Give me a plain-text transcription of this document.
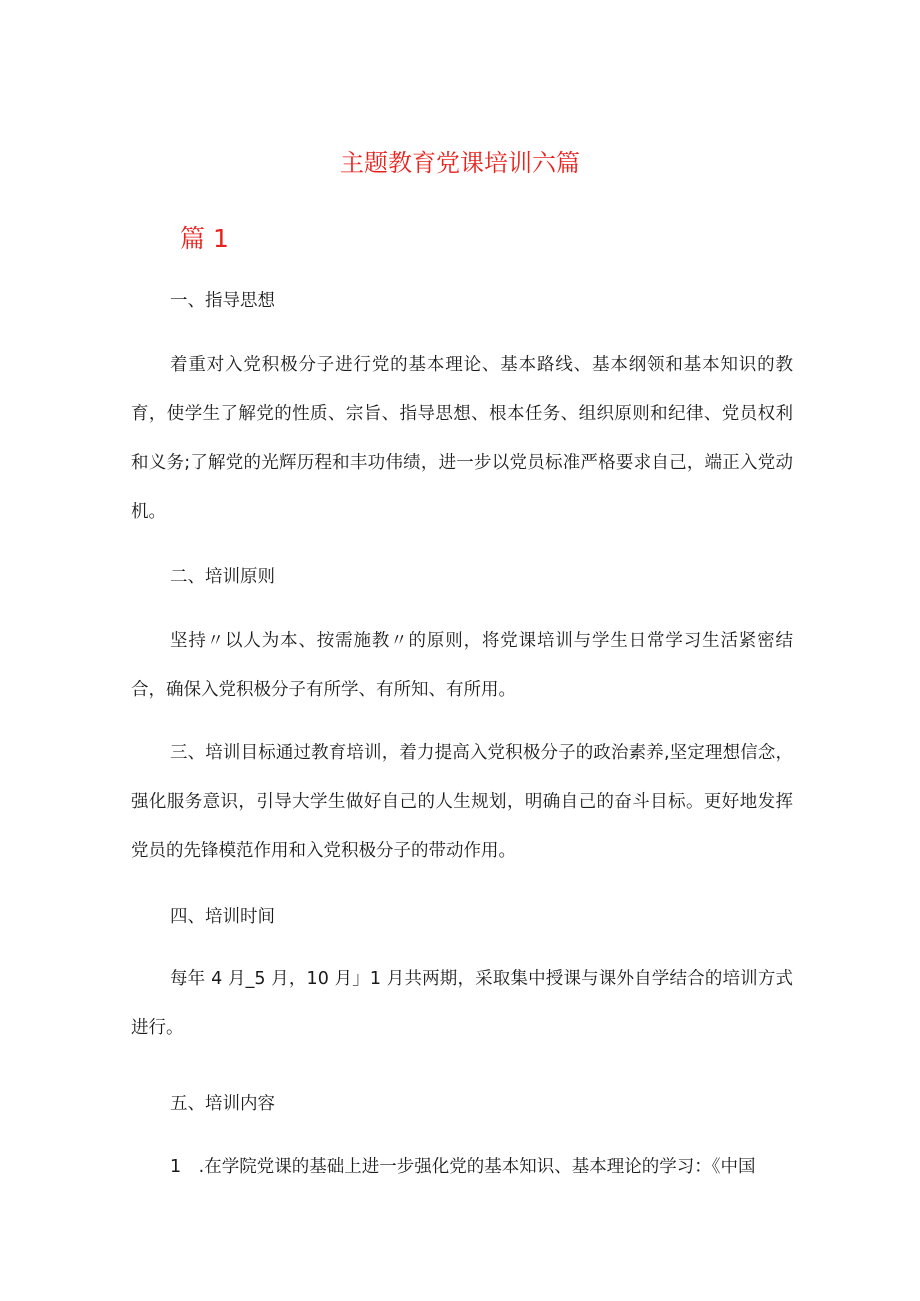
主题教育党课培训六篇
篇 1
一、指导思想

着重对入党积极分子进行党的基本理论、基本路线、基本纲领和基本知识的教育，使学生了解党的性质、宗旨、指导思想、根本任务、组织原则和纪律、党员权利和义务;了解党的光辉历程和丰功伟绩，进一步以党员标准严格要求自己，端正入党动机。

二、培训原则

坚持〃以人为本、按需施教〃的原则，将党课培训与学生日常学习生活紧密结合，确保入党积极分子有所学、有所知、有所用。

三、培训目标通过教育培训，着力提高入党积极分子的政治素养,坚定理想信念，强化服务意识，引导大学生做好自己的人生规划，明确自己的奋斗目标。更好地发挥党员的先锋模范作用和入党积极分子的带动作用。

四、培训时间

每年 4 月_5 月，10 月」1 月共两期，采取集中授课与课外自学结合的培训方式进行。

五、培训内容

1　.在学院党课的基础上进一步强化党的基本知识、基本理论的学习：《中国
